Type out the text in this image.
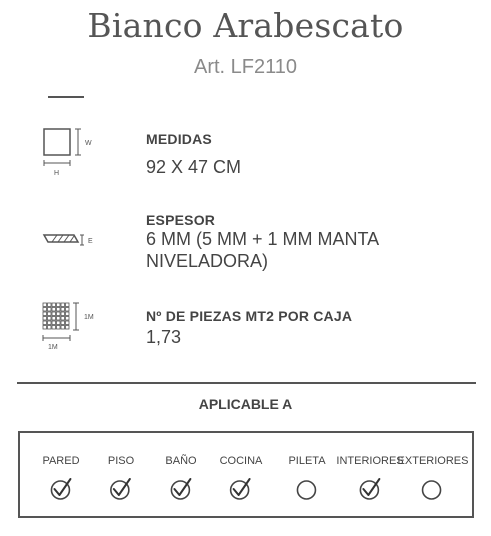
Bianco Arabescato
Art. LF2110
W
H
MEDIDAS
92 X 47 CM
E
ESPESOR
6 MM (5 MM + 1 MM MANTA
NIVELADORA)
1M
1M
Nº DE PIEZAS MT2 POR CAJA
1,73
APLICABLE A
PARED	PISO	BAÑO COCINA PILETA INTERIORES
EXTERIORES
